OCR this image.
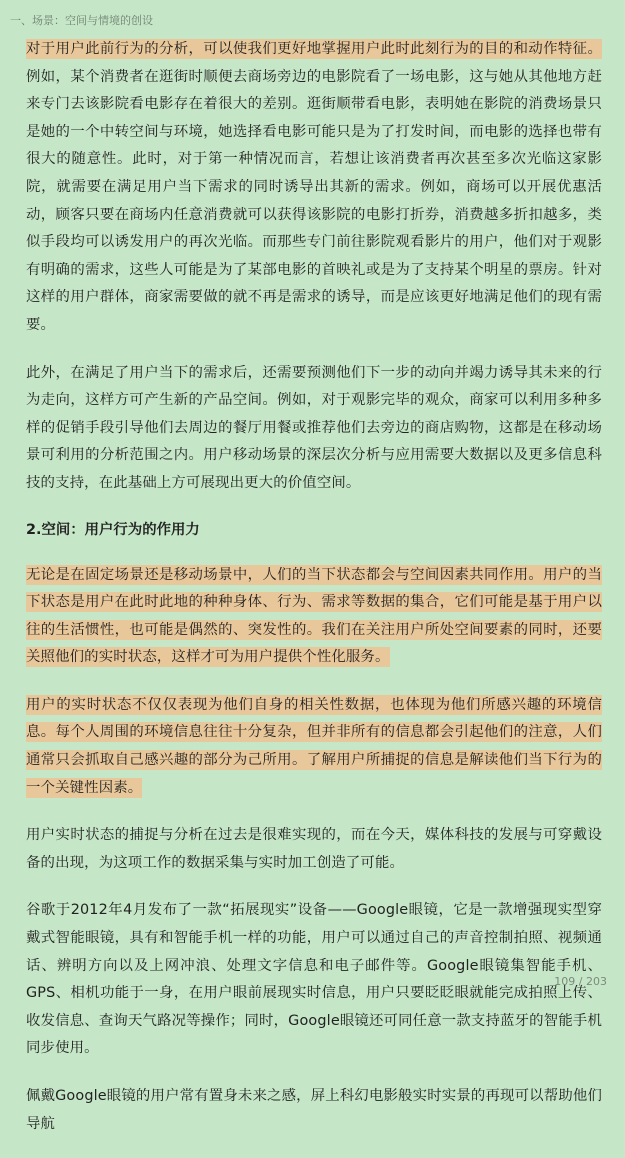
一、场景：空间与情境的创设

对于用户此前行为的分析，可以使我们更好地掌握用户此时此刻行为的目的和动作特征。例如，某个消费者在逛街时顺便去商场旁边的电影院看了一场电影，这与她从其他地方赶来专门去该影院看电影存在着很大的差别。逛街顺带看电影，表明她在影院的消费场景只是她的一个中转空间与环境，她选择看电影可能只是为了打发时间，而电影的选择也带有很大的随意性。此时，对于第一种情况而言，若想让该消费者再次甚至多次光临这家影院，就需要在满足用户当下需求的同时诱导出其新的需求。例如，商场可以开展优惠活动，顾客只要在商场内任意消费就可以获得该影院的电影打折券，消费越多折扣越多，类似手段均可以诱发用户的再次光临。而那些专门前往影院观看影片的用户，他们对于观影有明确的需求，这些人可能是为了某部电影的首映礼或是为了支持某个明星的票房。针对这样的用户群体，商家需要做的就不再是需求的诱导，而是应该更好地满足他们的现有需要。

此外，在满足了用户当下的需求后，还需要预测他们下一步的动向并竭力诱导其未来的行为走向，这样方可产生新的产品空间。例如，对于观影完毕的观众，商家可以利用多种多样的促销手段引导他们去周边的餐厅用餐或推荐他们去旁边的商店购物，这都是在移动场景可利用的分析范围之内。用户移动场景的深层次分析与应用需要大数据以及更多信息科技的支持，在此基础上方可展现出更大的价值空间。

2.空间：用户行为的作用力

无论是在固定场景还是移动场景中，人们的当下状态都会与空间因素共同作用。用户的当下状态是用户在此时此地的种种身体、行为、需求等数据的集合，它们可能是基于用户以往的生活惯性，也可能是偶然的、突发性的。我们在关注用户所处空间要素的同时，还要关照他们的实时状态，这样才可为用户提供个性化服务。

用户的实时状态不仅仅表现为他们自身的相关性数据，也体现为他们所感兴趣的环境信息。每个人周围的环境信息往往十分复杂，但并非所有的信息都会引起他们的注意，人们通常只会抓取自己感兴趣的部分为己所用。了解用户所捕捉的信息是解读他们当下行为的一个关键性因素。

用户实时状态的捕捉与分析在过去是很难实现的，而在今天，媒体科技的发展与可穿戴设备的出现，为这项工作的数据采集与实时加工创造了可能。

谷歌于2012年4月发布了一款“拓展现实”设备——Google眼镜，它是一款增强现实型穿戴式智能眼镜，具有和智能手机一样的功能，用户可以通过自己的声音控制拍照、视频通话、辨明方向以及上网冲浪、处理文字信息和电子邮件等。Google眼镜集智能手机、GPS、相机功能于一身，在用户眼前展现实时信息，用户只要眨眨眼就能完成拍照上传、收发信息、查询天气路况等操作；同时，Google眼镜还可同任意一款支持蓝牙的智能手机同步使用。

佩戴Google眼镜的用户常有置身未来之感，屏上科幻电影般实时实景的再现可以帮助他们导航

109 / 203
